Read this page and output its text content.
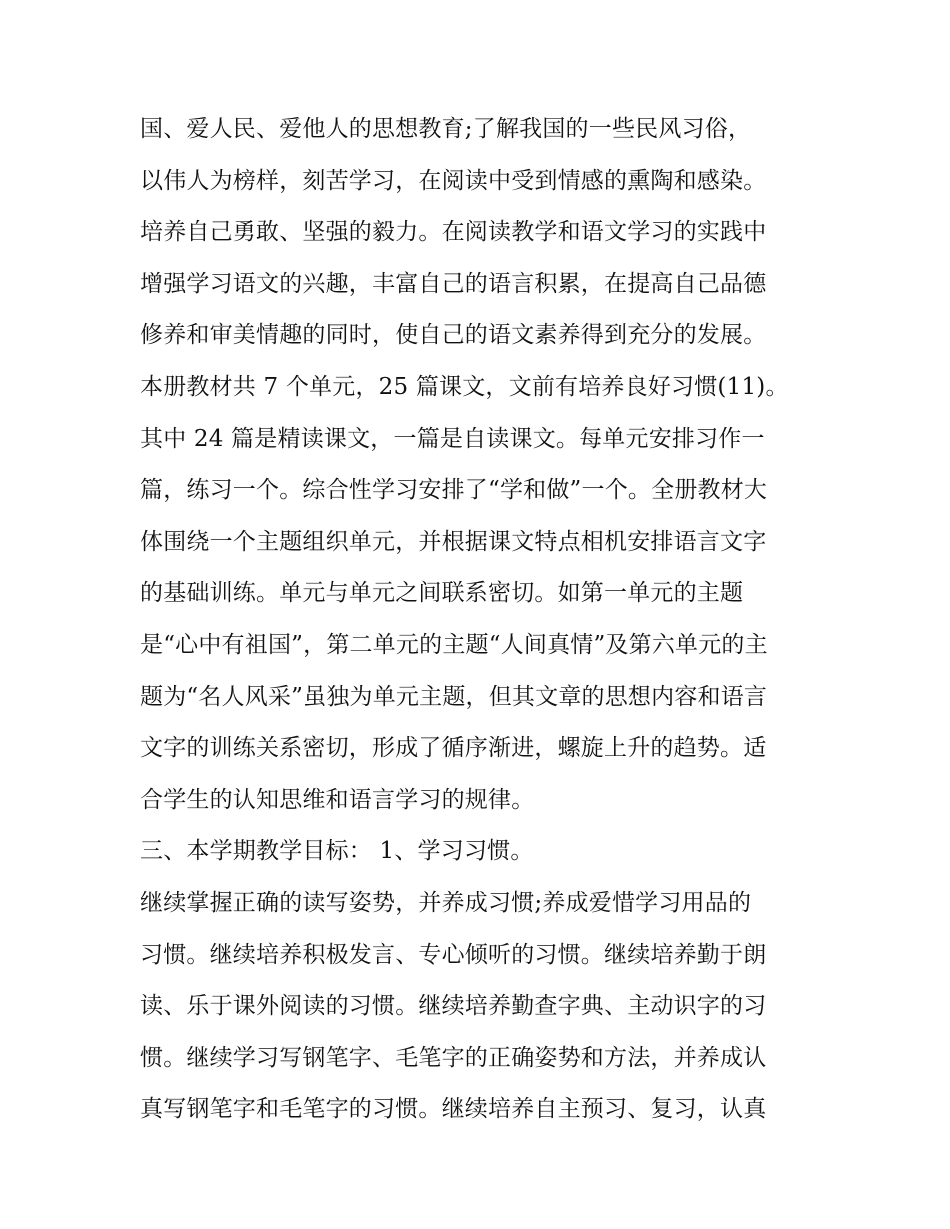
国、爱人民、爱他人的思想教育;了解我国的一些民风习俗，
以伟人为榜样，刻苦学习，在阅读中受到情感的熏陶和感染。
培养自己勇敢、坚强的毅力。在阅读教学和语文学习的实践中
增强学习语文的兴趣，丰富自己的语言积累，在提高自己品德
修养和审美情趣的同时，使自己的语文素养得到充分的发展。
本册教材共 7 个单元，25 篇课文，文前有培养良好习惯(11)。
其中 24 篇是精读课文，一篇是自读课文。每单元安排习作一
篇，练习一个。综合性学习安排了“学和做”一个。全册教材大
体围绕一个主题组织单元，并根据课文特点相机安排语言文字
的基础训练。单元与单元之间联系密切。如第一单元的主题
是“心中有祖国”，第二单元的主题“人间真情”及第六单元的主
题为“名人风采”虽独为单元主题，但其文章的思想内容和语言
文字的训练关系密切，形成了循序渐进，螺旋上升的趋势。适
合学生的认知思维和语言学习的规律。
三、本学期教学目标： 1、学习习惯。
继续掌握正确的读写姿势，并养成习惯;养成爱惜学习用品的
习惯。继续培养积极发言、专心倾听的习惯。继续培养勤于朗
读、乐于课外阅读的习惯。继续培养勤查字典、主动识字的习
惯。继续学习写钢笔字、毛笔字的正确姿势和方法，并养成认
真写钢笔字和毛笔字的习惯。继续培养自主预习、复习，认真
